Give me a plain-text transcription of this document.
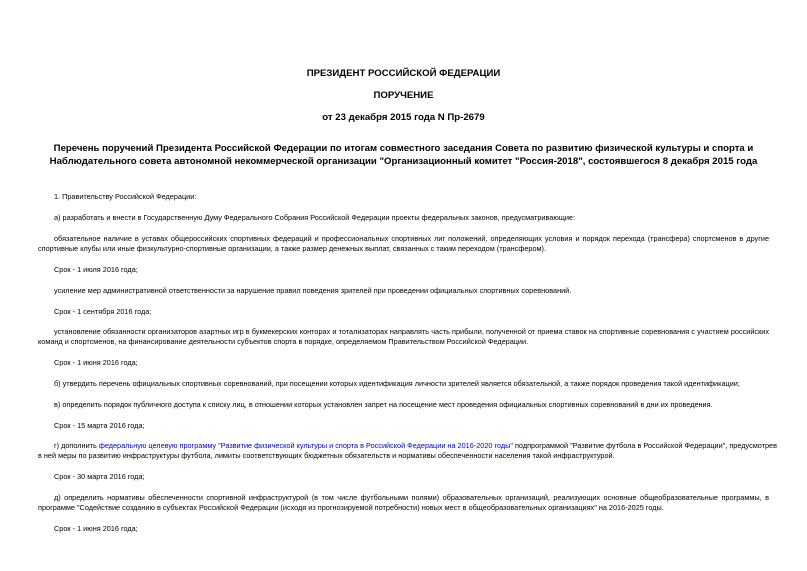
ПРЕЗИДЕНТ РОССИЙСКОЙ ФЕДЕРАЦИИ
ПОРУЧЕНИЕ
от 23 декабря 2015 года N Пр-2679
Перечень поручений Президента Российской Федерации по итогам совместного заседания Совета по развитию физической культуры и спорта и
Наблюдательного совета автономной некоммерческой организации "Организационный комитет "Россия-2018", состоявшегося 8 декабря 2015 года
1. Правительству Российской Федерации:
а) разработать и внести в Государственную Думу Федерального Собрания Российской Федерации проекты федеральных законов, предусматривающие:
обязательное наличие в уставах общероссийских спортивных федераций и профессиональных спортивных лиг положений, определяющих условия и порядок перехода (трансфера) спортсменов в другие
спортивные клубы или иные физкультурно-спортивные организации, а также размер денежных выплат, связанных с таким переходом (трансфером).
Срок - 1 июля 2016 года;
усиление мер административной ответственности за нарушение правил поведения зрителей при проведении официальных спортивных соревнований.
Срок - 1 сентября 2016 года;
установление обязанности организаторов азартных игр в букмекерских конторах и тотализаторах направлять часть прибыли, полученной от приема ставок на спортивные соревнования с участием российских
команд и спортсменов, на финансирование деятельности субъектов спорта в порядке, определяемом Правительством Российской Федерации.
Срок - 1 июня 2016 года;
б) утвердить перечень официальных спортивных соревнований, при посещении которых идентификация личности зрителей является обязательной, а также порядок проведения такой идентификации;
в) определить порядок публичного доступа к списку лиц, в отношении которых установлен запрет на посещение мест проведения официальных спортивных соревнований в дни их проведения.
Срок - 15 марта 2016 года;
г) дополнить федеральную целевую программу "Развитие физической культуры и спорта в Российской Федерации на 2016-2020 годы" подпрограммой "Развитие футбола в Российской Федерации", предусмотрев
в ней меры по развитию инфраструктуры футбола, лимиты соответствующих бюджетных обязательств и нормативы обеспеченности населения такой инфраструктурой.
Срок - 30 марта 2016 года;
д) определить нормативы обеспеченности спортивной инфраструктурой (в том числе футбольными полями) образовательных организаций, реализующих основные общеобразовательные программы, в
программе "Содействие созданию в субъектах Российской Федерации (исходя из прогнозируемой потребности) новых мест в общеобразовательных организациях" на 2016-2025 годы.
Срок - 1 июня 2016 года;
